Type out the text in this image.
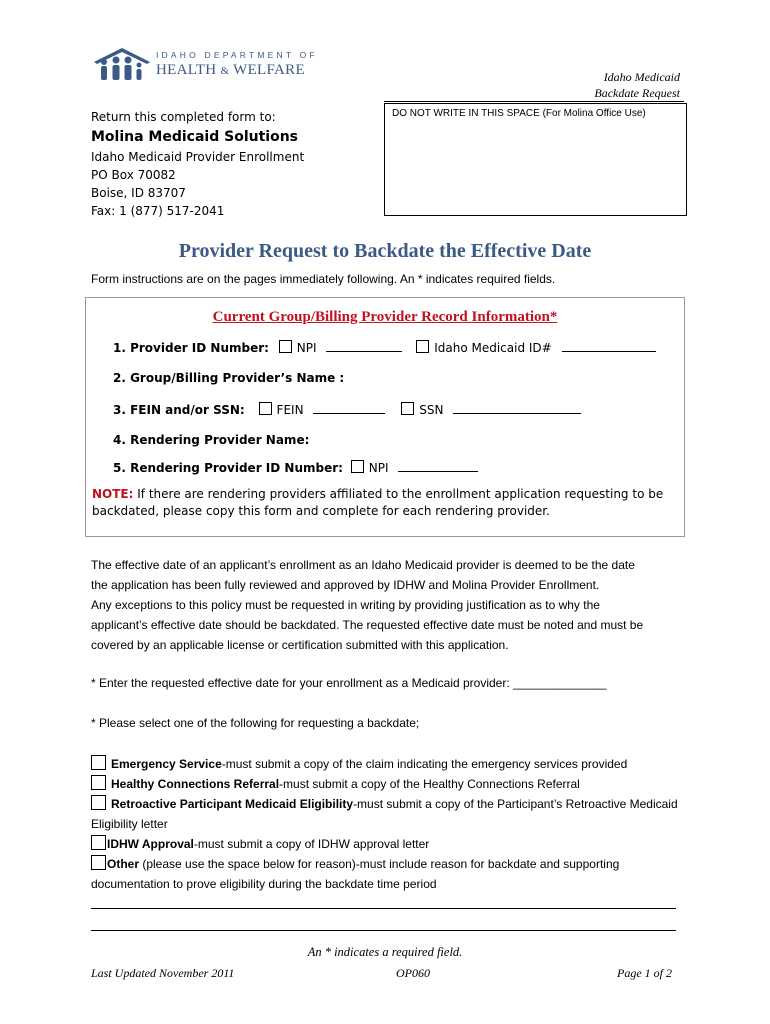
IDAHO DEPARTMENT OF
HEALTH & WELFARE	Idaho Medicaid
Backdate Request
Return this completed form to:
Molina Medicaid Solutions
Idaho Medicaid Provider Enrollment
PO Box 70082
Boise, ID 83707
Fax: 1 (877) 517-2041
DO NOT WRITE IN THIS SPACE (For Molina Office Use)
Provider Request to Backdate the Effective Date
Form instructions are on the pages immediately following. An * indicates required fields.
Current Group/Billing Provider Record Information*
1. Provider ID Number: NPI	Idaho Medicaid ID#
2. Group/Billing Provider’s Name :
3. FEIN and/or SSN:	FEIN	SSN
4. Rendering Provider Name:
5. Rendering Provider ID Number: NPI
NOTE: If there are rendering providers affiliated to the enrollment application requesting to be backdated, please copy this form and complete for each rendering provider.
The effective date of an applicant’s enrollment as an Idaho Medicaid provider is deemed to be the date
the application has been fully reviewed and approved by IDHW and Molina Provider Enrollment.
Any exceptions to this policy must be requested in writing by providing justification as to why the
applicant’s effective date should be backdated. The requested effective date must be noted and must be
covered by an applicable license or certification submitted with this application.
* Enter the requested effective date for your enrollment as a Medicaid provider: ______________
* Please select one of the following for requesting a backdate;
Emergency Service-must submit a copy of the claim indicating the emergency services provided
Healthy Connections Referral-must submit a copy of the Healthy Connections Referral
Retroactive Participant Medicaid Eligibility-must submit a copy of the Participant’s Retroactive Medicaid Eligibility letter
IDHW Approval-must submit a copy of IDHW approval letter
Other (please use the space below for reason)-must include reason for backdate and supporting documentation to prove eligibility during the backdate time period
An * indicates a required field.
Last Updated November 2011	OP060	Page 1 of 2
